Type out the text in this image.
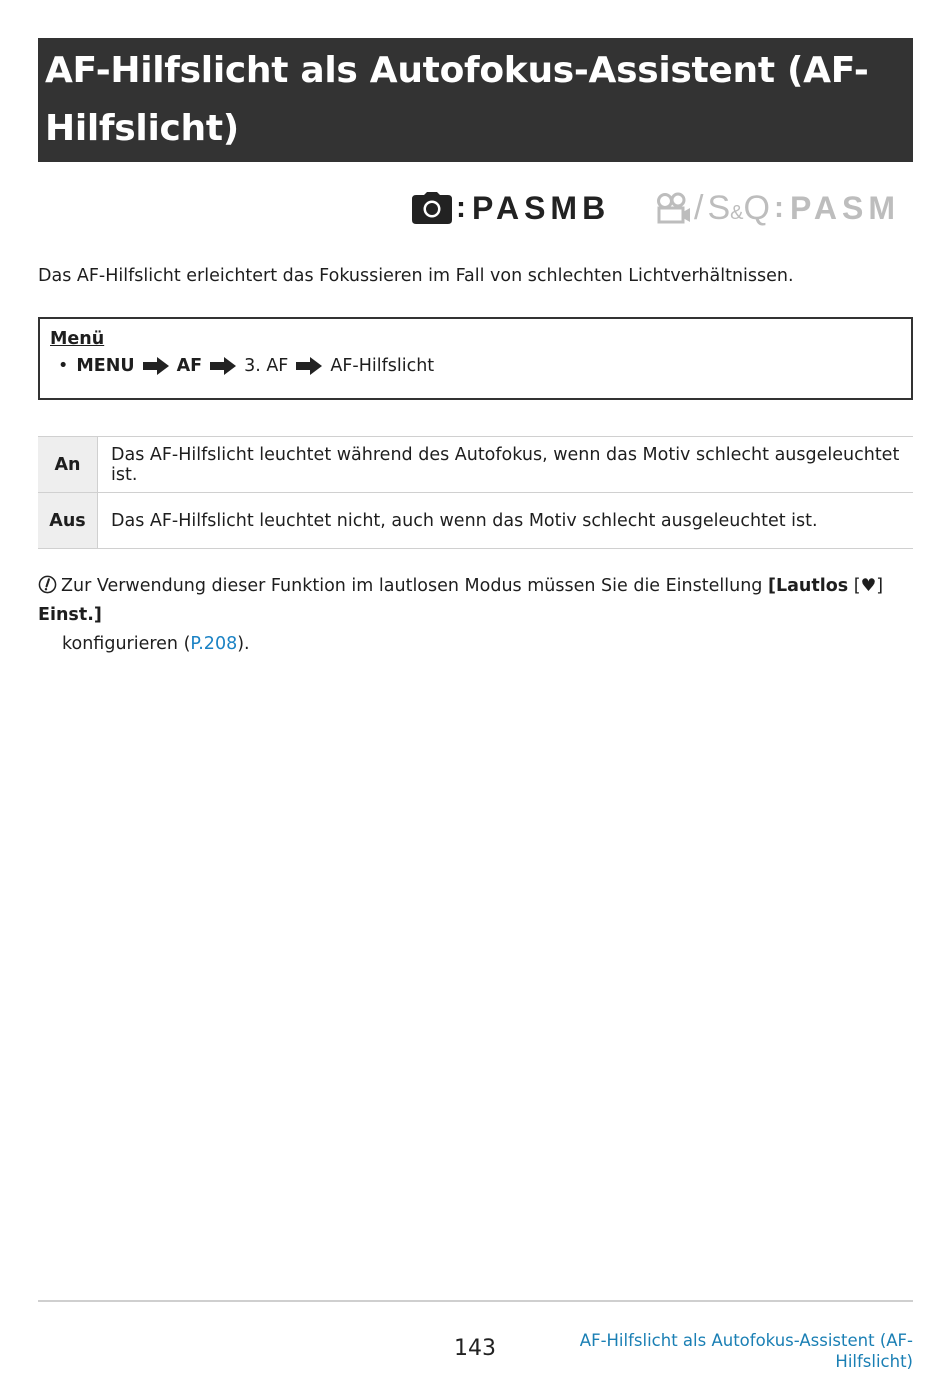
AF-Hilfslicht als Autofokus-Assistent (AF-
Hilfslicht)
: PASMB / S&Q : PASM
Das AF-Hilfslicht erleichtert das Fokussieren im Fall von schlechten Lichtverhältnissen.
Menü
• MENU AF 3. AF AF-Hilfslicht
An	Das AF-Hilfslicht leuchtet während des Autofokus, wenn das Motiv schlecht ausgeleuchtet ist.
Aus	Das AF-Hilfslicht leuchtet nicht, auch wenn das Motiv schlecht ausgeleuchtet ist.
Zur Verwendung dieser Funktion im lautlosen Modus müssen Sie die Einstellung [Lautlos [♥] Einst.]
konfigurieren (P.208).
143	AF-Hilfslicht als Autofokus-Assistent (AF-
Hilfslicht)
